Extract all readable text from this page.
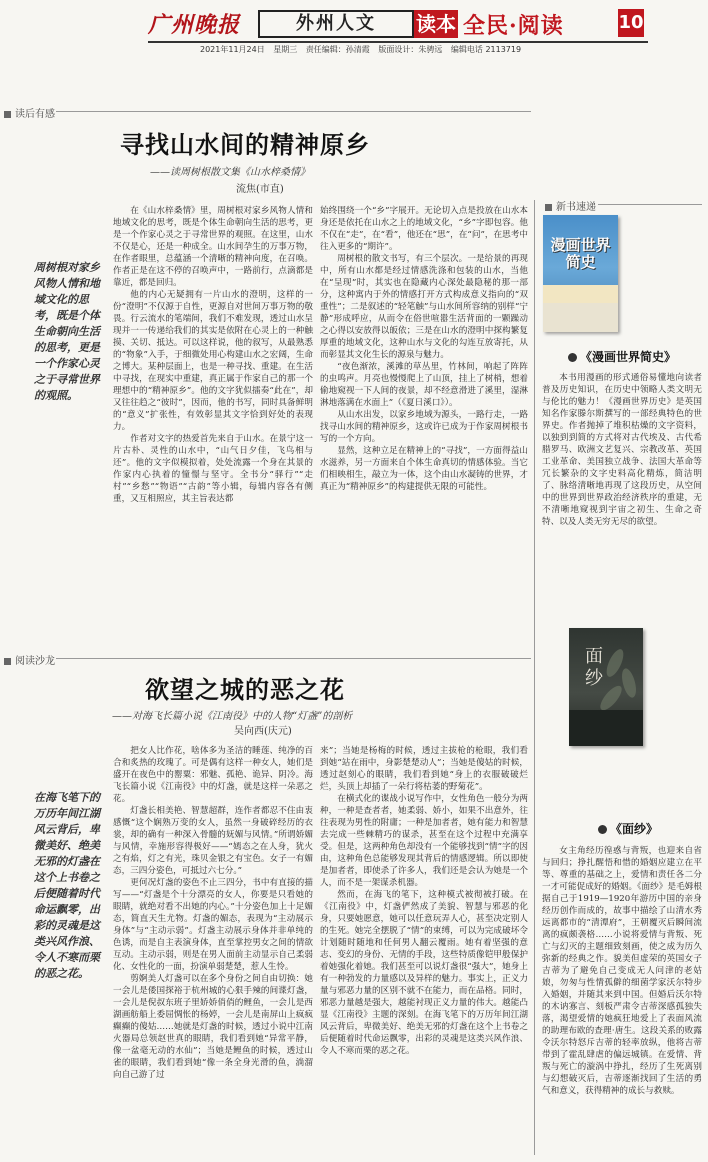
广州晚报	外州人文	读本 全民·阅读	10
2021年11月24日 星期三 责任编辑：孙清霞 版面设计：朱骋远 编辑电话 2113719
读后有感
寻找山水间的精神原乡
——读周树根散文集《山水梓桑情》
流焦(市直)
周树根对家乡风物人情和地域文化的思考，既是个体生命朝向生活的思考，更是一个作家心灵之于寻常世界的观照。

在《山水梓桑情》里，周树根对家乡风物人情和地域文化的思考，既是个体生命朝向生活的思考，更是一个作家心灵之于寻常世界的观照。在这里，山水不仅是心，还是一种成全。山水间孕生的万事万物，在作者眼里，总蕴涵一个清晰的精神向度，在召唤。作者正是在这不停的召唤声中，一路前行，点滴都是靠近，都是回归。

他的内心无疑拥有一片山水的澄明，这样的一份“澄明”不仅源于自性，更源自对世间万事万物的敬畏。行云流水的笔端间，我们不难发现，透过山水呈现并一一传递给我们的其实是依附在心灵上的一种触摸、关切、抵达。可以这样说，他的叙写，从最熟悉的“物象”入手，于细微处用心构建山水之宏阔，生命之博大。某种层面上，也是一种寻找、重建。在生活中寻找，在现实中重建，真正属于作家自己的那一个理想中的“精神原乡”。他的文字犹似擂奏“此在”，却又往往趋之“彼时”，因而，他的书写，同时具备鲜明的“意义”扩张性，有效彰显其文字恰到好处的表现力。

作者对文字的热爱首先来自于山水。在景宁这一片古朴、灵性的山水中，“山气日夕佳，飞鸟相与还”。他的文字似模拟着，处处流露一个身在其景的作家内心执着的憧憬与坚守。全书分“驿行”“走村”“乡愁”“物语”“古韵”等小辑，每辑内容各有侧重，又互相照应，其主旨表达都

始终围绕一个“乡”字展开。无论切入点是投放在山水本身还是依托在山水之上的地域文化，“乡”字即包容。他不仅在“走”，在“看”，他还在“思”，在“问”，在思考中往入更多的“期许”。

周树根的散文书写，有三个层次。一是给景的再现中，所有山水都是经过情感洗涤和包装的山水，当他在“呈现”时，其实也在隐藏内心深处最隐秘的那一部分，这种寓内于外的情感打开方式构成意义指向的“双重性”；二是叙述的“轻笔触”与山水间所容纳的别样“宁静”形成呼应，从而令在俗世喧嚣生活背面的一颗躁动之心得以安放得以皈依；三是在山水的澄明中探构繁复厚重的地域文化，这种山水与文化的勾连互放寄托，从而彰显其文化生长的源泉与魅力。

“夜色渐浓，溪滩的草丛里，竹林间，响起了阵阵的虫鸣声。月亮也慢慢爬上了山顶，挂上了树梢，想着偷地窥视一下人间的夜景，却不经意滑进了溪里，湿淋淋地落满在水面上”（《夏日溪口》）。

从山水出发，以家乡地域为源头，一路行走，一路找寻山水间的精神原乡，这或许已成为于作家周树根书写的一个方向。

显然，这种立足在精神上的“寻找”，一方面得益山水滋养，另一方面来自个体生命真切的情感体验。当它们相映相生，敲立为一体，这个由山水凝铸的世界，才真正为“精神原乡”的构建提供无限的可能性。

阅读沙龙
欲望之城的恶之花
——对海飞长篇小说《江南役》中的人物“灯盏”的剖析
吴向西(庆元)
在海飞笔下的万历年间江湖风云背后，卑微美好、绝美无邪的灯盏在这个上书卷之后便随着时代命运飘零，出彩的灵魂是这类兴风作浪、令人不寒而栗的恶之花。

把女人比作花，啥体多为圣洁的睡莲、纯净的百合和炙热的玫瑰了。可是偶有这样一种女人，她们是盛开在夜色中的罂粟：邪魅、孤艳、诡异、阴冷。海飞长篇小说《江南役》中的灯盏，就是这样一朵恶之花。

灯盏长相美艳、智慧超群，连作者都忍不住由衷感慨“这个娴熟万变的女人，虽然一身破碎经历的衣裳，却的确有一种深入骨髓的妩媚与风情。”所谓娇媚与风情，幸施形容得极好——“嫣态之在人身，犹火之有焰，灯之有光，珠贝金银之有宝色。女子一有媚态，三四分姿色，可抵过六七分。”

更何况灯盏的姿色不止三四分，书中有直接的描写——“灯盏是个十分漂亮的女人，你要是只看她的眼睛，就绝对看不出她的内心。”十分姿色加上十足媚态，简直天生尤物。灯盏的媚态，表现为“主动展示身体”与“主动示弱”。灯盏主动展示身体并非单纯的色诱，而是自主表演身体，直至掌控男女之间的情欲互动。主动示弱，则是在男人面前主动显示自己柔弱化、女性化的一面，扮演单弱楚楚，惹人生怜。

剪婀美人灯盏可以在多个身份之间自由切换：她一会儿是倭国探裕于杭州城的心狠手辣的间谍灯盏，一会儿是倪叔东班子里娇娇俏俏的鲤鱼，一会儿是西湖画舫船上委屈惆怅的杨婷，一会儿是南屏山上疯疯癫癫的傻姑……她就是灯盏的时候，透过小说中江南火器局总领赵世真的眼睛，我们看到她“异常平静，像一盆毫无动的水仙”；当她是鲤鱼的时候，透过山雀的眼睛，我们看到她“像一条全身光滑的鱼，淌溜向自己游了过

来”；当她是杨梅的时候，透过主拔枪的枪眼，我们看到她“站在雨中，身影楚楚动人”；当她是傻姑的时候，透过赵刻心的眼睛，我们看到她“身上的衣服破破烂烂，头顶上却插了一朵行将枯萎的野菊花”。

在横式化的谍战小说写作中，女性角色一般分为两种，一种是查者者，她柔弱、娇小，如果不出意外，往往表现为男性的附庸；一种是加者者，她有能力和智慧去完成一些棘精巧的谋杀，甚至在这个过程中充满享受。但是，这两种角色却没有一个能够找到“情”字的因由，这种角色总能够发现其背后的情感逻辑。所以即使是加者者，即使杀了许多人，我们还是会认为她是一个人，而不是一架谋杀机器。

然而，在海飞的笔下，这种模式被彻被打破。在《江南役》中，灯盏俨然成了美貌、智慧与邪恶的化身，只要她愿意，她可以任意玩弄人心，甚至决定别人的生死。她完全摆脱了“情”的束缚，可以为完成破坏令计划随时随地和任何男人翻云覆雨。她有着坚强的意志、变幻的身份、无情的手段，这些特质像铠甲般保护着她强化着她。我们甚至可以说灯盏很“强大”，她身上有一种勃发的力量感以及异样的魅力。事实上，正义力量与邪恶力量的区别不就不在能力，而在品格。同时，邪恶力量越是强大，越能衬现正义力量的伟大。越能凸显《江南役》主题的深刻。在海飞笔下的万历年间江湖风云背后，卑微美好、绝美无邪的灯盏在这个上书卷之后便随着时代命运飘零，出彩的灵魂是这类兴风作浪、令人不寒而栗的恶之花。

新书速递
漫画世界简史
《漫画世界简史》

本书用漫画的形式通俗易懂地向读者普及历史知识，在历史中领略人类文明无与伦比的魅力！《漫画世界历史》是英国知名作家滕尔斯撰写的一部经典特色的世界史。作者抛掉了堆积枯燥的文字资料，以独到到简的方式将对古代埃及、古代希腊罗马、欧洲文艺复兴、宗教改革、英国工业革命、美国独立战争、法国大革命等冗长繁杂的文字史料高化精炼，简洁明了、脉络清晰地再现了这段历史，从空间中的世界到世界政治经济秩序的重建，无不清晰地窥视到宇宙之初生、生命之奇特、以及人类无穷无尽的欲望。

面纱
《面纱》

女主角经历徨惑与背叛，也迎来自省与回归；挣扎醒悟和惜的婚姻应建立在平等、尊重的基础之上，爱情和责任各二分一才可能促成好的婚姻。《面纱》是毛姆根据自己于1919—1920年游历中国的亲身经历创作而成的，故事中描绘了山清水秀远离都市的“清潭府”，王朝覆灭后瞬间流离的疯颇袭格……小说将爱情与背叛、死亡与幻灭的主题细致刻画，使之成为历久弥新的经典之作。貌美但虚荣的英国女子吉蒂为了避免自己变成无人问津的老姑娘，勿匆与性情孤僻的细菌学家沃尔特步入婚姻，并随其来到中国。但婚后沃尔特的木讷寡言、刻板严肃令吉蒂深感孤独失落，渴望爱情的她疯狂地爱上了表面风流的助理布欧的查理·唐生。这段关系的败露令沃尔特怒斥吉蒂的轻率放纵，他将吉蒂带到了霍乱肆虐的偏远城镇。在爱情、背叛与死亡的漩涡中挣扎，经历了生死离别与幻想破灭后，吉蒂逐渐找回了生活的勇气和意义，获得精神的成长与救赎。
